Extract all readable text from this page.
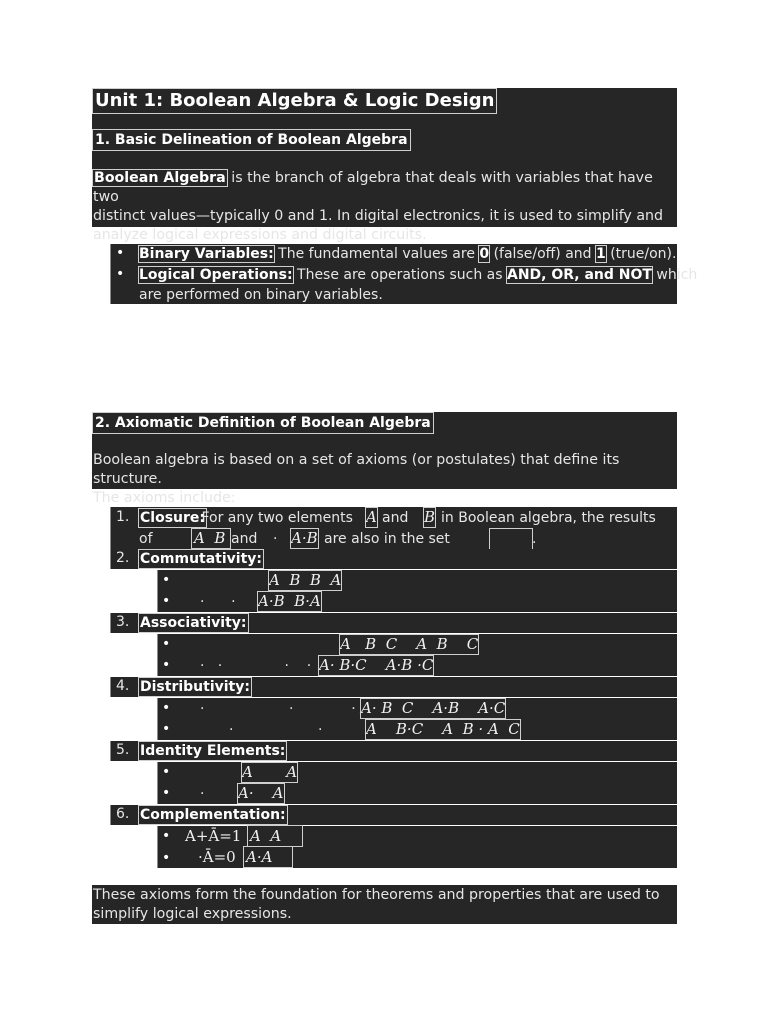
Unit 1: Boolean Algebra & Logic Design
1. Basic Delineation of Boolean Algebra
Boolean Algebra is the branch of algebra that deals with variables that have two
distinct values—typically 0 and 1. In digital electronics, it is used to simplify and
analyze logical expressions and digital circuits.
• Binary Variables: The fundamental values are 0 (false/off) and 1 (true/on).
• Logical Operations: These are operations such as AND, OR, and NOT which
are performed on binary variables.
2. Axiomatic Definition of Boolean Algebra
Boolean algebra is based on a set of axioms (or postulates) that define its structure.
The axioms include:
1. Closure:
For any two elements A and B in Boolean algebra, the results
of	A  B and · A·B are also in the set	.
2. Commutativity:
•	A  B  B  A
• ·      · A·B  B·A
3. Associativity:
•	A   B  C    A  B    C
• ·   ·              ·    · A· B·C    A·B ·C
4. Distributivity:
• ·                   ·             · A· B  C    A·B    A·C
•	·                   ·	A    B·C    A  B · A  C
5. Identity Elements:
•	A       A
• · A·    A
6. Complementation:
• A+Ā=1 A  A
• ·Ā=0 A·A
These axioms form the foundation for theorems and properties that are used to
simplify logical expressions.
